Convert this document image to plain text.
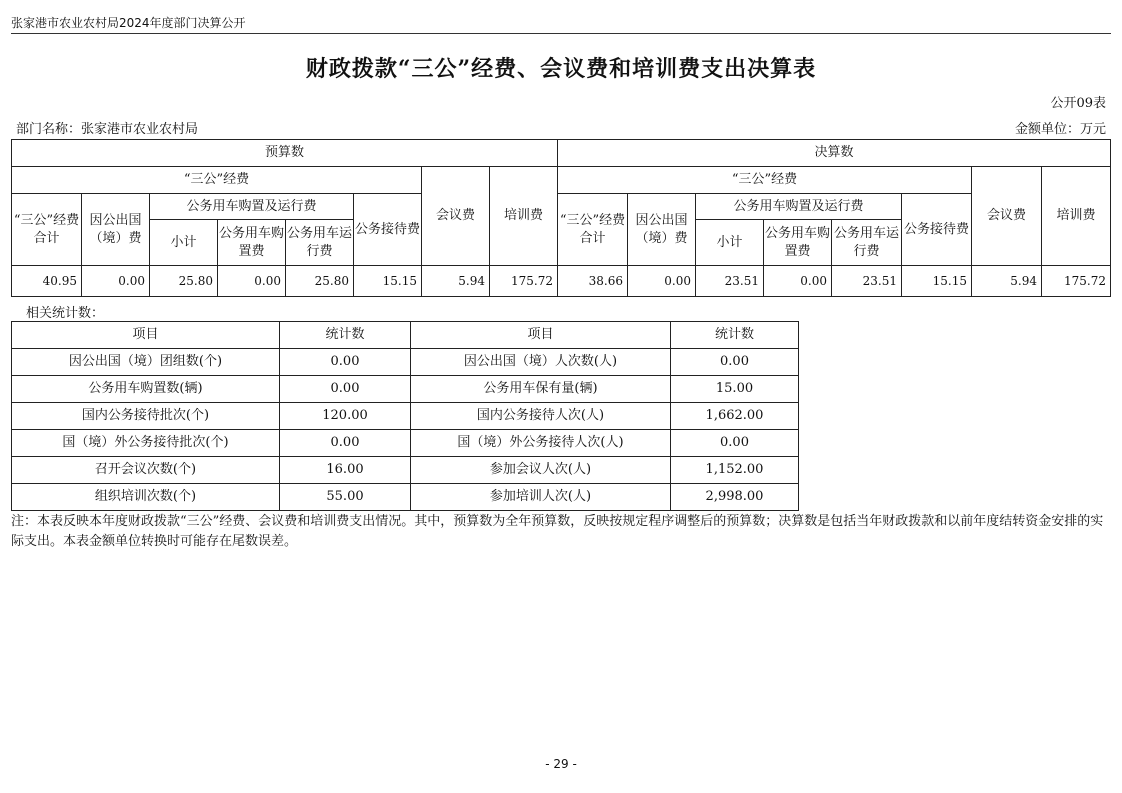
张家港市农业农村局2024年度部门决算公开
财政拨款“三公”经费、会议费和培训费支出决算表
公开09表
部门名称：张家港市农业农村局	金额单位：万元
预算数								决算数							
“三公”经费						会议费	培训费	“三公”经费						会议费	培训费
“三公”经费合计	因公出国（境）费	公务用车购置及运行费			公务接待费			“三公”经费合计	因公出国（境）费	公务用车购置及运行费			公务接待费		
		小计	公务用车购置费	公务用车运行费						小计	公务用车购置费	公务用车运行费			
40.95	0.00	25.80	0.00	25.80	15.15	5.94	175.72	38.66	0.00	23.51	0.00	23.51	15.15	5.94	175.72
相关统计数：
项目	统计数	项目	统计数
因公出国（境）团组数(个)	0.00	因公出国（境）人次数(人)	0.00
公务用车购置数(辆)	0.00	公务用车保有量(辆)	15.00
国内公务接待批次(个)	120.00	国内公务接待人次(人)	1,662.00
国（境）外公务接待批次(个)	0.00	国（境）外公务接待人次(人)	0.00
召开会议次数(个)	16.00	参加会议人次(人)	1,152.00
组织培训次数(个)	55.00	参加培训人次(人)	2,998.00
注：本表反映本年度财政拨款“三公”经费、会议费和培训费支出情况。其中，预算数为全年预算数，反映按规定程序调整后的预算数；决算数是包括当年财政拨款和以前年度结转资金安排的实际支出。本表金额单位转换时可能存在尾数误差。
- 29 -
